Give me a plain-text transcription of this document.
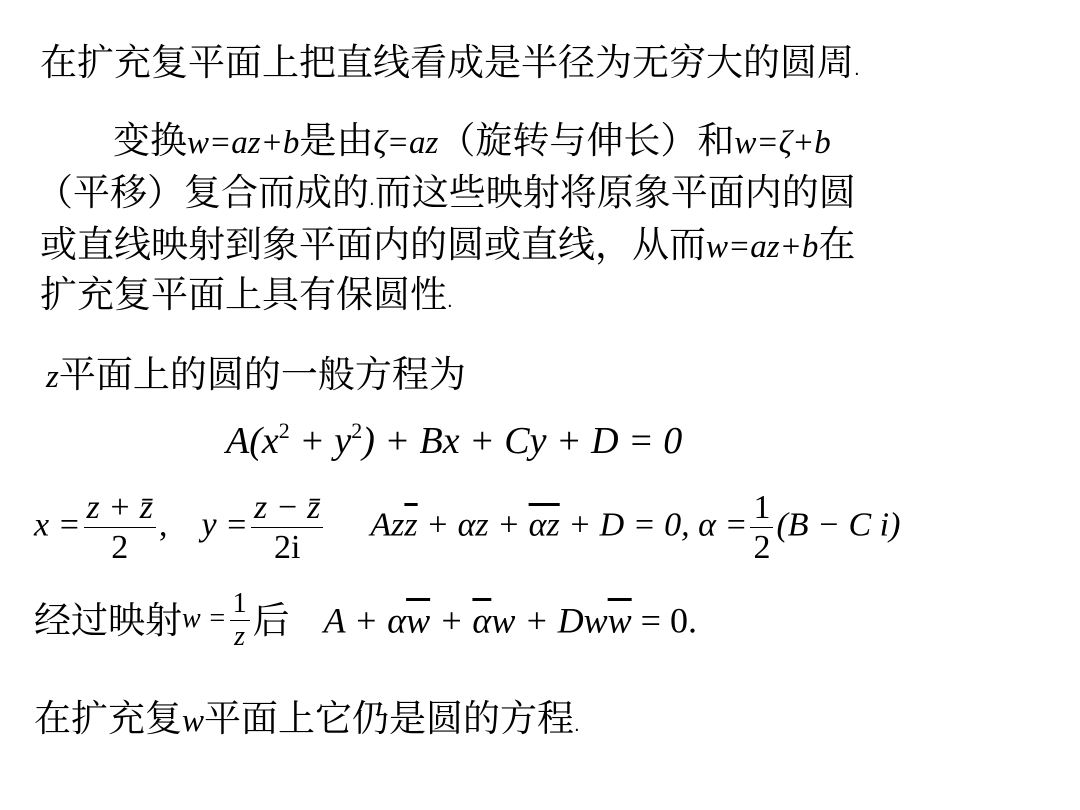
在扩充复平面上把直线看成是半径为无穷大的圆周.
变换w=az+b是由ζ=az（旋转与伸长）和w=ζ+b
（平移）复合而成的.而这些映射将原象平面内的圆
或直线映射到象平面内的圆或直线，从而w=az+b在
扩充复平面上具有保圆性.
z平面上的圆的一般方程为
$A(x^2 + y^2) + Bx + Cy + D = 0$
$x = \frac{z + z̄}{2}$ , $y = \frac{z - z̄}{2i} Az\overline{z} + \alpha z + \overline{\alpha}\overline{z} + D = 0$, $\alpha = \frac{1}{2} (B - C$ i)
经过映射$w = \frac{1}{z}$ 后 $A + \alpha\overline{w} + \overline{\alpha}w + Dw\overline{w} = 0$.
在扩充复w平面上它仍是圆的方程.
